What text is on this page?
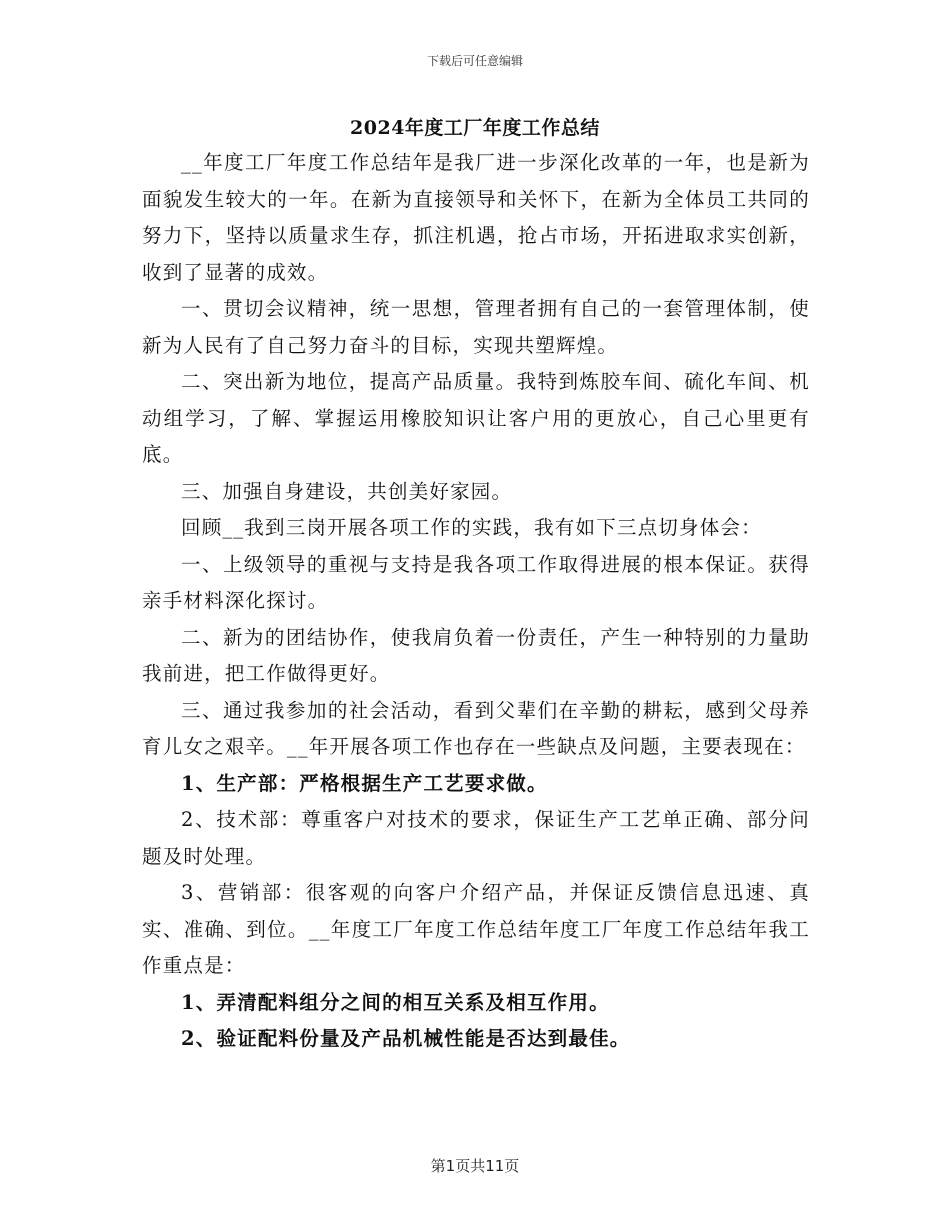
下载后可任意编辑
2024年度工厂年度工作总结

__年度工厂年度工作总结年是我厂进一步深化改革的一年，也是新为面貌发生较大的一年。在新为直接领导和关怀下，在新为全体员工共同的努力下，坚持以质量求生存，抓注机遇，抢占市场，开拓进取求实创新，收到了显著的成效。

一、贯切会议精神，统一思想，管理者拥有自己的一套管理体制，使新为人民有了自己努力奋斗的目标，实现共塑辉煌。

二、突出新为地位，提高产品质量。我特到炼胶车间、硫化车间、机动组学习，了解、掌握运用橡胶知识让客户用的更放心，自己心里更有底。

三、加强自身建设，共创美好家园。

回顾__我到三岗开展各项工作的实践，我有如下三点切身体会：

一、上级领导的重视与支持是我各项工作取得进展的根本保证。获得亲手材料深化探讨。

二、新为的团结协作，使我肩负着一份责任，产生一种特别的力量助我前进，把工作做得更好。

三、通过我参加的社会活动，看到父辈们在辛勤的耕耘，感到父母养育儿女之艰辛。__年开展各项工作也存在一些缺点及问题，主要表现在：

1、生产部：严格根据生产工艺要求做。

2、技术部：尊重客户对技术的要求，保证生产工艺单正确、部分问题及时处理。

3、营销部：很客观的向客户介绍产品，并保证反馈信息迅速、真实、准确、到位。__年度工厂年度工作总结年度工厂年度工作总结年我工作重点是：

1、弄清配料组分之间的相互关系及相互作用。

2、验证配料份量及产品机械性能是否达到最佳。

第1页共11页
